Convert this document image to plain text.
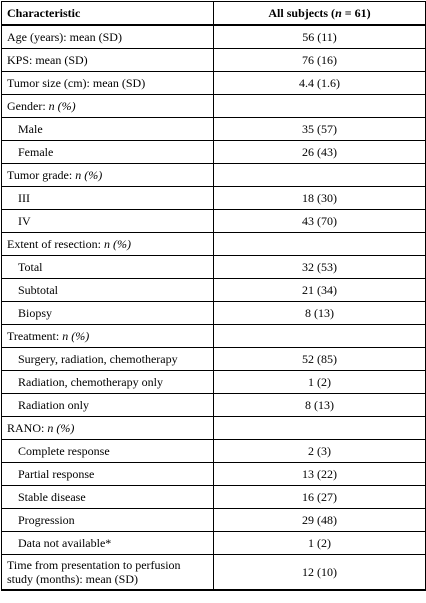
Characteristic	All subjects (n = 61)
Age (years): mean (SD)	56 (11)
KPS: mean (SD)	76 (16)
Tumor size (cm): mean (SD)	4.4 (1.6)
Gender: n (%)	
Male	35 (57)
Female	26 (43)
Tumor grade: n (%)	
III	18 (30)
IV	43 (70)
Extent of resection: n (%)	
Total	32 (53)
Subtotal	21 (34)
Biopsy	8 (13)
Treatment: n (%)	
Surgery, radiation, chemotherapy	52 (85)
Radiation, chemotherapy only	1 (2)
Radiation only	8 (13)
RANO: n (%)	
Complete response	2 (3)
Partial response	13 (22)
Stable disease	16 (27)
Progression	29 (48)
Data not available*	1 (2)
Time from presentation to perfusion study (months): mean (SD)	12 (10)
